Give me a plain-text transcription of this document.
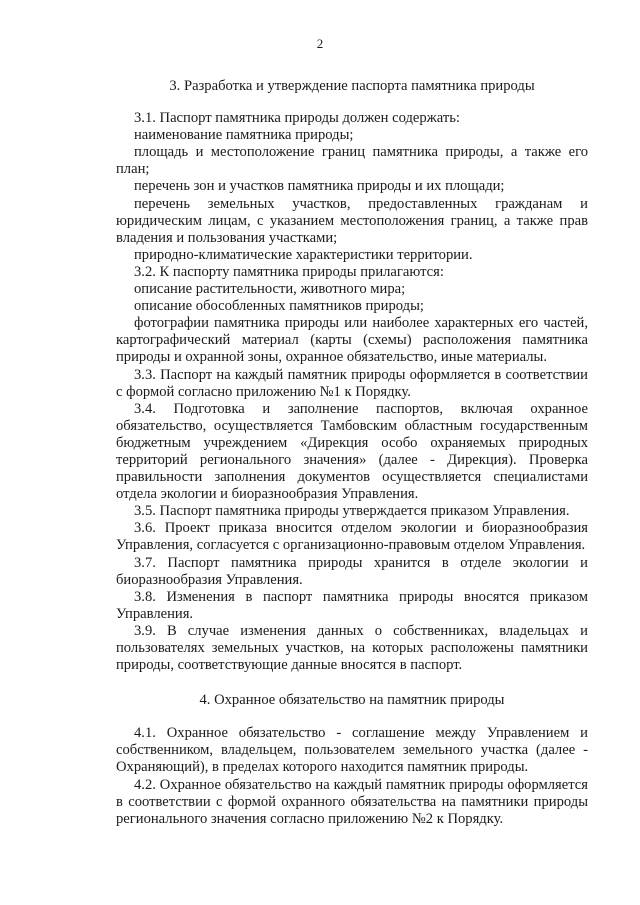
2

3. Разработка и утверждение паспорта памятника природы

3.1. Паспорт памятника природы должен содержать:

наименование памятника природы;

площадь и местоположение границ памятника природы, а также его план;

перечень зон и участков памятника природы и их площади;

перечень земельных участков, предоставленных гражданам и юридическим лицам, с указанием местоположения границ, а также прав владения и пользования участками;

природно-климатические характеристики территории.

3.2. К паспорту памятника природы прилагаются:

описание растительности, животного мира;

описание обособленных памятников природы;

фотографии памятника природы или наиболее характерных его частей, картографический материал (карты (схемы) расположения памятника природы и охранной зоны, охранное обязательство, иные материалы.

3.3. Паспорт на каждый памятник природы оформляется в соответствии с формой согласно приложению №1 к Порядку.

3.4. Подготовка и заполнение паспортов, включая охранное обязательство, осуществляется Тамбовским областным государственным бюджетным учреждением «Дирекция особо охраняемых природных территорий регионального значения» (далее - Дирекция). Проверка правильности заполнения документов осуществляется специалистами отдела экологии и биоразнообразия Управления.

3.5. Паспорт памятника природы утверждается приказом Управления.

3.6. Проект приказа вносится отделом экологии и биоразнообразия Управления, согласуется с организационно-правовым отделом Управления.

3.7. Паспорт памятника природы хранится в отделе экологии и биоразнообразия Управления.

3.8. Изменения в паспорт памятника природы вносятся приказом Управления.

3.9. В случае изменения данных о собственниках, владельцах и пользователях земельных участков, на которых расположены памятники природы, соответствующие данные вносятся в паспорт.

4. Охранное обязательство на памятник природы

4.1. Охранное обязательство - соглашение между Управлением и собственником, владельцем, пользователем земельного участка (далее - Охраняющий), в пределах которого находится памятник природы.

4.2. Охранное обязательство на каждый памятник природы оформляется в соответствии с формой охранного обязательства на памятники природы регионального значения согласно приложению №2 к Порядку.
